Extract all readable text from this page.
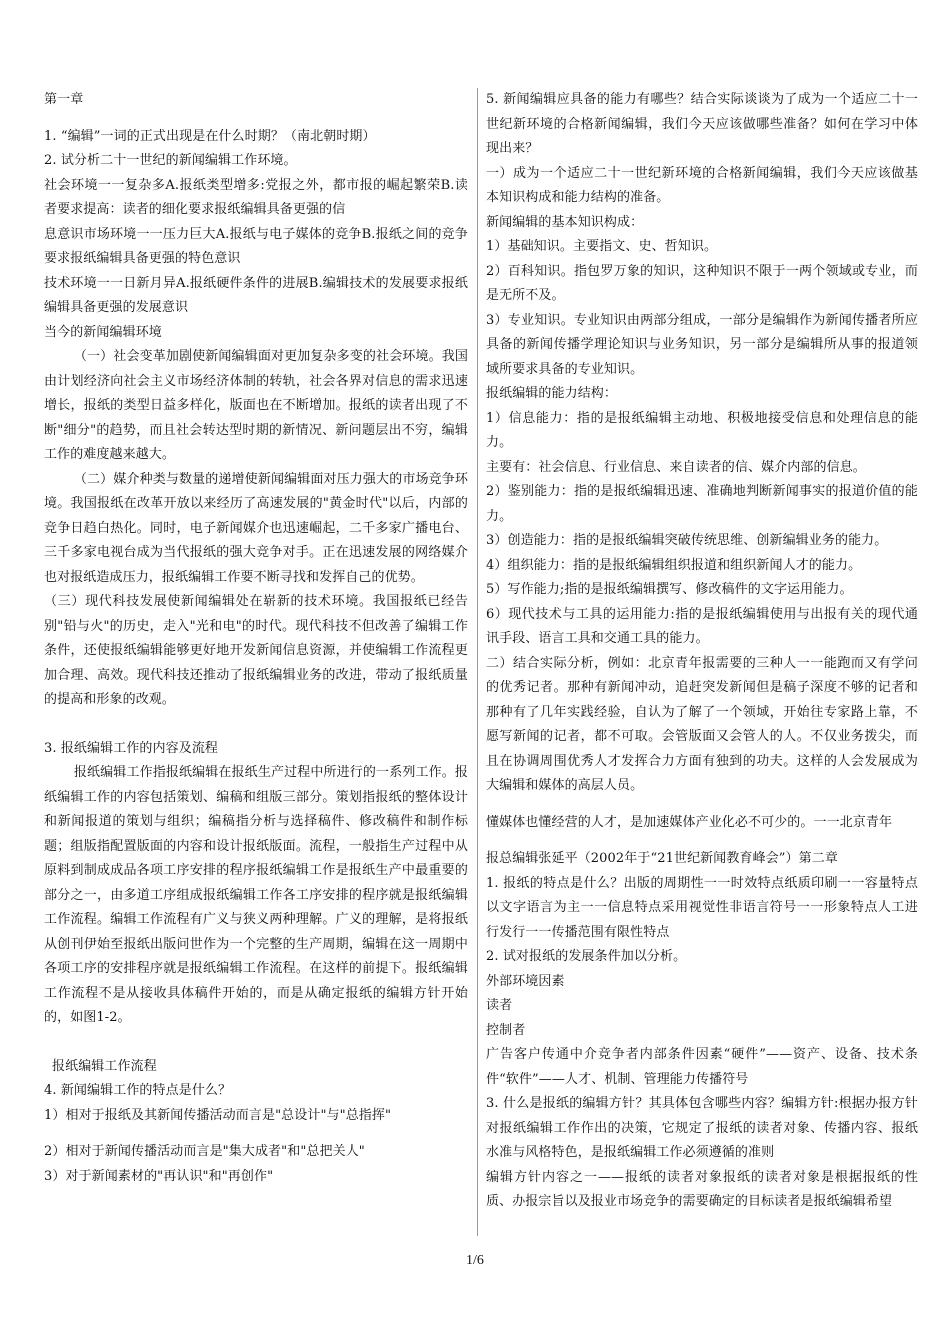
第一章

1. “编辑”一词的正式出现是在什么时期？（南北朝时期）

2. 试分析二十一世纪的新闻编辑工作环境。

社会环境一一复杂多A.报纸类型增多:党报之外，都市报的崛起繁荣B.读者要求提高：读者的细化要求报纸编辑具备更强的信

息意识市场环境一一压力巨大A.报纸与电子媒体的竞争B.报纸之间的竞争要求报纸编辑具备更强的特色意识

技术环境一一日新月异A.报纸硬件条件的进展B.编辑技术的发展要求报纸编辑具备更强的发展意识

当今的新闻编辑环境

（一）社会变革加剧使新闻编辑面对更加复杂多变的社会环境。我国由计划经济向社会主义市场经济体制的转轨，社会各界对信息的需求迅速增长，报纸的类型日益多样化，版面也在不断增加。报纸的读者出现了不断"细分"的趋势，而且社会转达型时期的新情况、新问题层出不穷，编辑工作的难度越来越大。

（二）媒介种类与数量的递增使新闻编辑面对压力强大的市场竞争环境。我国报纸在改革开放以来经历了高速发展的"黄金时代"以后，内部的竞争日趋白热化。同时，电子新闻媒介也迅速崛起，二千多家广播电台、三千多家电视台成为当代报纸的强大竞争对手。正在迅速发展的网络媒介也对报纸造成压力，报纸编辑工作要不断寻找和发挥自己的优势。

（三）现代科技发展使新闻编辑处在崭新的技术环境。我国报纸已经告别"铅与火"的历史，走入"光和电"的时代。现代科技不但改善了编辑工作条件，还使报纸编辑能够更好地开发新闻信息资源，并使编辑工作流程更加合理、高效。现代科技还推动了报纸编辑业务的改进，带动了报纸质量的提高和形象的改观。

3. 报纸编辑工作的内容及流程

报纸编辑工作指报纸编辑在报纸生产过程中所进行的一系列工作。报纸编辑工作的内容包括策划、编稿和组版三部分。策划指报纸的整体设计和新闻报道的策划与组织；编稿指分析与选择稿件、修改稿件和制作标题；组版指配置版面的内容和设计报纸版面。流程，一般指生产过程中从原料到制成成品各项工序安排的程序报纸编辑工作是报纸生产中最重要的部分之一，由多道工序组成报纸编辑工作各工序安排的程序就是报纸编辑工作流程。编辑工作流程有广义与狭义两种理解。广义的理解，是将报纸从创刊伊始至报纸出版问世作为一个完整的生产周期，编辑在这一周期中各项工序的安排程序就是报纸编辑工作流程。在这样的前提下。报纸编辑工作流程不是从接收具体稿件开始的，而是从确定报纸的编辑方针开始的，如图1-2。

报纸编辑工作流程

4. 新闻编辑工作的特点是什么？

1）相对于报纸及其新闻传播活动而言是"总设计"与"总指挥"

2）相对于新闻传播活动而言是"集大成者"和"总把关人"

3）对于新闻素材的"再认识"和"再创作"

5. 新闻编辑应具备的能力有哪些？结合实际谈谈为了成为一个适应二十一世纪新环境的合格新闻编辑，我们今天应该做哪些准备？如何在学习中体现出来？

一）成为一个适应二十一世纪新环境的合格新闻编辑，我们今天应该做基本知识构成和能力结构的准备。

新闻编辑的基本知识构成：

1）基础知识。主要指文、史、哲知识。

2）百科知识。指包罗万象的知识，这种知识不限于一两个领域或专业，而是无所不及。

3）专业知识。专业知识由两部分组成，一部分是编辑作为新闻传播者所应具备的新闻传播学理论知识与业务知识，另一部分是编辑所从事的报道领域所要求具备的专业知识。

报纸编辑的能力结构：

1）信息能力：指的是报纸编辑主动地、积极地接受信息和处理信息的能力。

主要有：社会信息、行业信息、来自读者的信、媒介内部的信息。

2）鉴别能力：指的是报纸编辑迅速、准确地判断新闻事实的报道价值的能力。

3）创造能力：指的是报纸编辑突破传统思维、创新编辑业务的能力。

4）组织能力：指的是报纸编辑组织报道和组织新闻人才的能力。

5）写作能力;指的是报纸编辑撰写、修改稿件的文字运用能力。

6）现代技术与工具的运用能力:指的是报纸编辑使用与出报有关的现代通讯手段、语言工具和交通工具的能力。

二）结合实际分析，例如：北京青年报需要的三种人一一能跑而又有学问的优秀记者。那种有新闻冲动，追赶突发新闻但是稿子深度不够的记者和那种有了几年实践经验，自认为了解了一个领域，开始往专家路上靠，不愿写新闻的记者，都不可取。会管版面又会管人的人。不仅业务拨尖，而且在协调周围优秀人才发挥合力方面有独到的功夫。这样的人会发展成为大编辑和媒体的高层人员。

懂媒体也懂经营的人才，是加速媒体产业化必不可少的。一一北京青年

报总编辑张延平（2002年于“21世纪新闻教育峰会”）第二章

1. 报纸的特点是什么？出版的周期性一一时效特点纸质印刷一一容量特点以文字语言为主一一信息特点采用视觉性非语言符号一一形象特点人工进行发行一一传播范围有限性特点

2. 试对报纸的发展条件加以分析。

外部环境因素

读者

控制者

广告客户传通中介竞争者内部条件因素“硬件”——资产、设备、技术条件“软件”——人才、机制、管理能力传播符号

3. 什么是报纸的编辑方针？其具体包含哪些内容？编辑方针:根据办报方针对报纸编辑工作作出的决策，它规定了报纸的读者对象、传播内容、报纸水准与风格特色，是报纸编辑工作必须遵循的准则

编辑方针内容之一——报纸的读者对象报纸的读者对象是根据报纸的性质、办报宗旨以及报业市场竞争的需要确定的目标读者是报纸编辑希望

1/6
